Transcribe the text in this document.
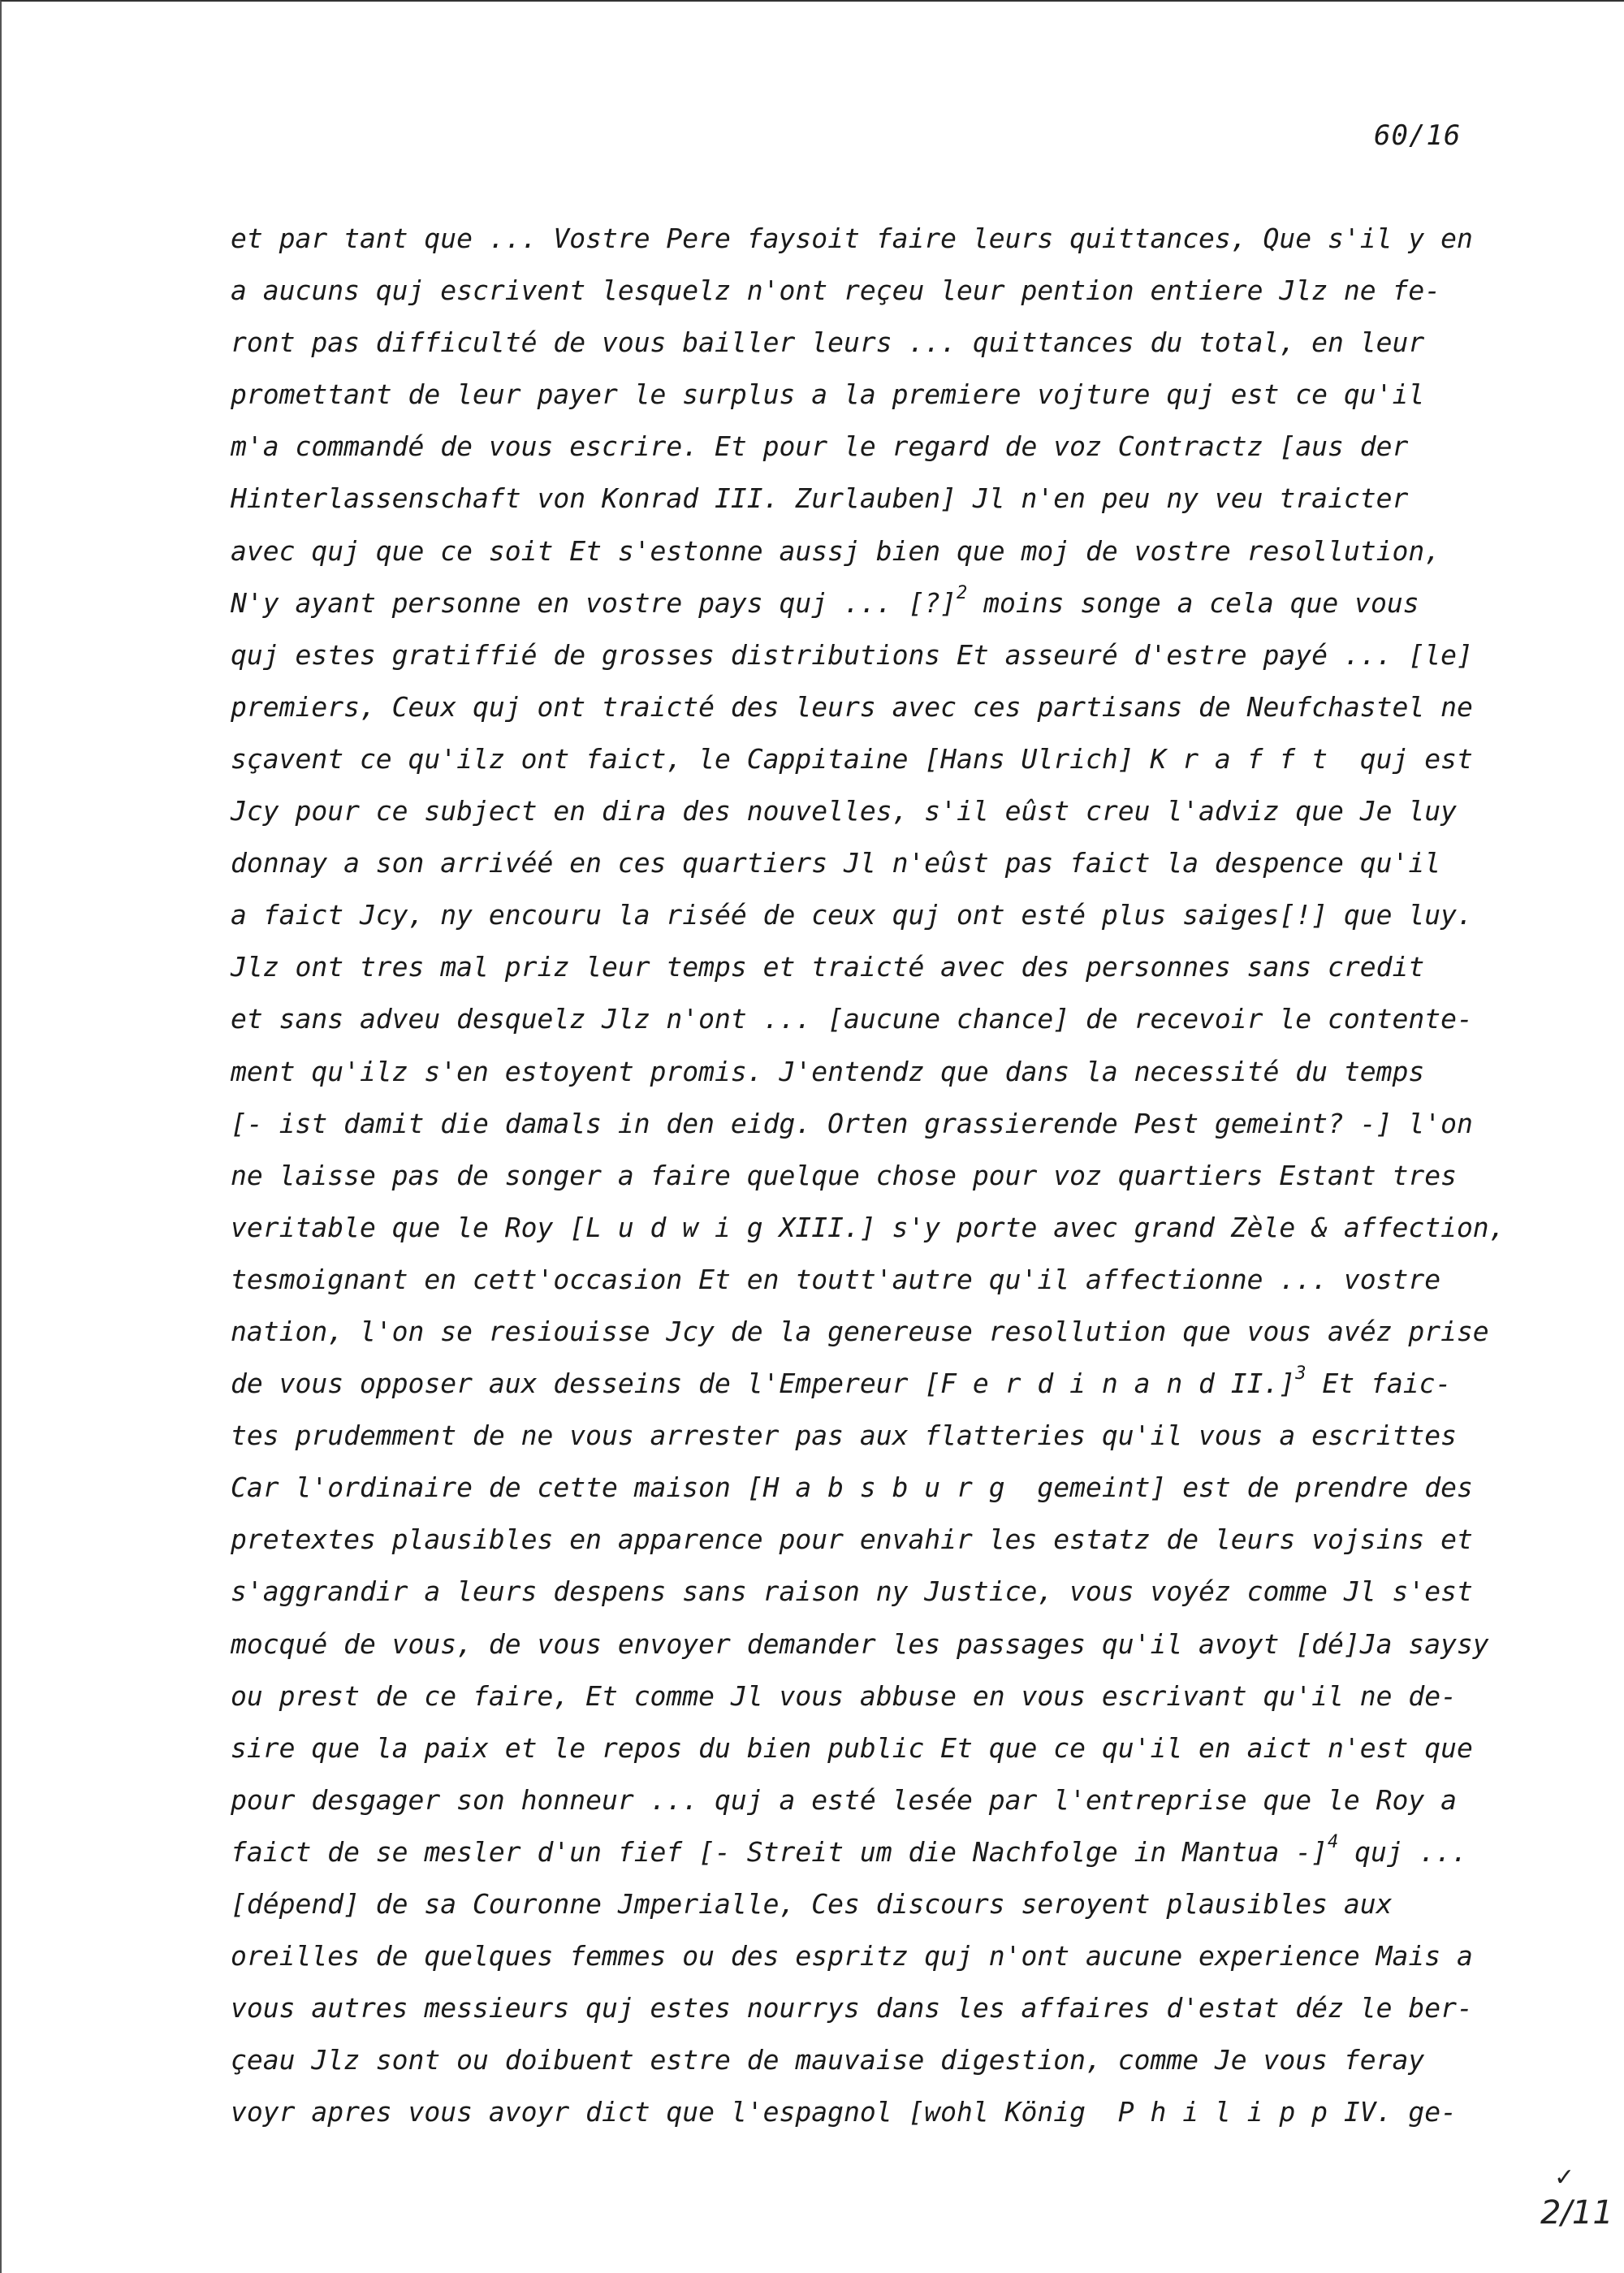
60/16
et par tant que ... Vostre Pere faysoit faire leurs quittances, Que s'il y en
a aucuns quj escrivent lesquelz n'ont reçeu leur pention entiere Jlz ne fe-
ront pas difficulté de vous bailler leurs ... quittances du total, en leur
promettant de leur payer le surplus a la premiere vojture quj est ce qu'il
m'a commandé de vous escrire. Et pour le regard de voz Contractz [aus der
Hinterlassenschaft von Konrad III. Zurlauben] Jl n'en peu ny veu traicter
avec quj que ce soit Et s'estonne aussj bien que moj de vostre resollution,
N'y ayant personne en vostre pays quj ... [?]$^2$ moins songe a cela que vous
quj estes gratiffié de grosses distributions Et asseuré d'estre payé ... [le]
premiers, Ceux quj ont traicté des leurs avec ces partisans de Neufchastel ne
sçavent ce qu'ilz ont faict, le Cappitaine [Hans Ulrich] K r a f f t  quj est
Jcy pour ce subject en dira des nouvelles, s'il eûst creu l'adviz que Je luy
donnay a son arrivéé en ces quartiers Jl n'eûst pas faict la despence qu'il
a faict Jcy, ny encouru la riséé de ceux quj ont esté plus saiges[!] que luy.
Jlz ont tres mal priz leur temps et traicté avec des personnes sans credit
et sans adveu desquelz Jlz n'ont ... [aucune chance] de recevoir le contente-
ment qu'ilz s'en estoyent promis. J'entendz que dans la necessité du temps
[- ist damit die damals in den eidg. Orten grassierende Pest gemeint? -] l'on
ne laisse pas de songer a faire quelque chose pour voz quartiers Estant tres
veritable que le Roy [L u d w i g XIII.] s'y porte avec grand Zèle & affection,
tesmoignant en cett'occasion Et en toutt'autre qu'il affectionne ... vostre
nation, l'on se resiouisse Jcy de la genereuse resollution que vous avéz prise
de vous opposer aux desseins de l'Empereur [F e r d i n a n d II.]$^3$ Et faic-
tes prudemment de ne vous arrester pas aux flatteries qu'il vous a escrittes
Car l'ordinaire de cette maison [H a b s b u r g  gemeint] est de prendre des
pretextes plausibles en apparence pour envahir les estatz de leurs vojsins et
s'aggrandir a leurs despens sans raison ny Justice, vous voyéz comme Jl s'est
mocqué de vous, de vous envoyer demander les passages qu'il avoyt [dé]Ja saysy
ou prest de ce faire, Et comme Jl vous abbuse en vous escrivant qu'il ne de-
sire que la paix et le repos du bien public Et que ce qu'il en aict n'est que
pour desgager son honneur ... quj a esté lesée par l'entreprise que le Roy a
faict de se mesler d'un fief [- Streit um die Nachfolge in Mantua -]$^4$ quj ...
[dépend] de sa Couronne Jmperialle, Ces discours seroyent plausibles aux
oreilles de quelques femmes ou des espritz quj n'ont aucune experience Mais a
vous autres messieurs quj estes nourrys dans les affaires d'estat déz le ber-
çeau Jlz sont ou doibuent estre de mauvaise digestion, comme Je vous feray
voyr apres vous avoyr dict que l'espagnol [wohl König  P h i l i p p IV. ge-
✓
2/11
